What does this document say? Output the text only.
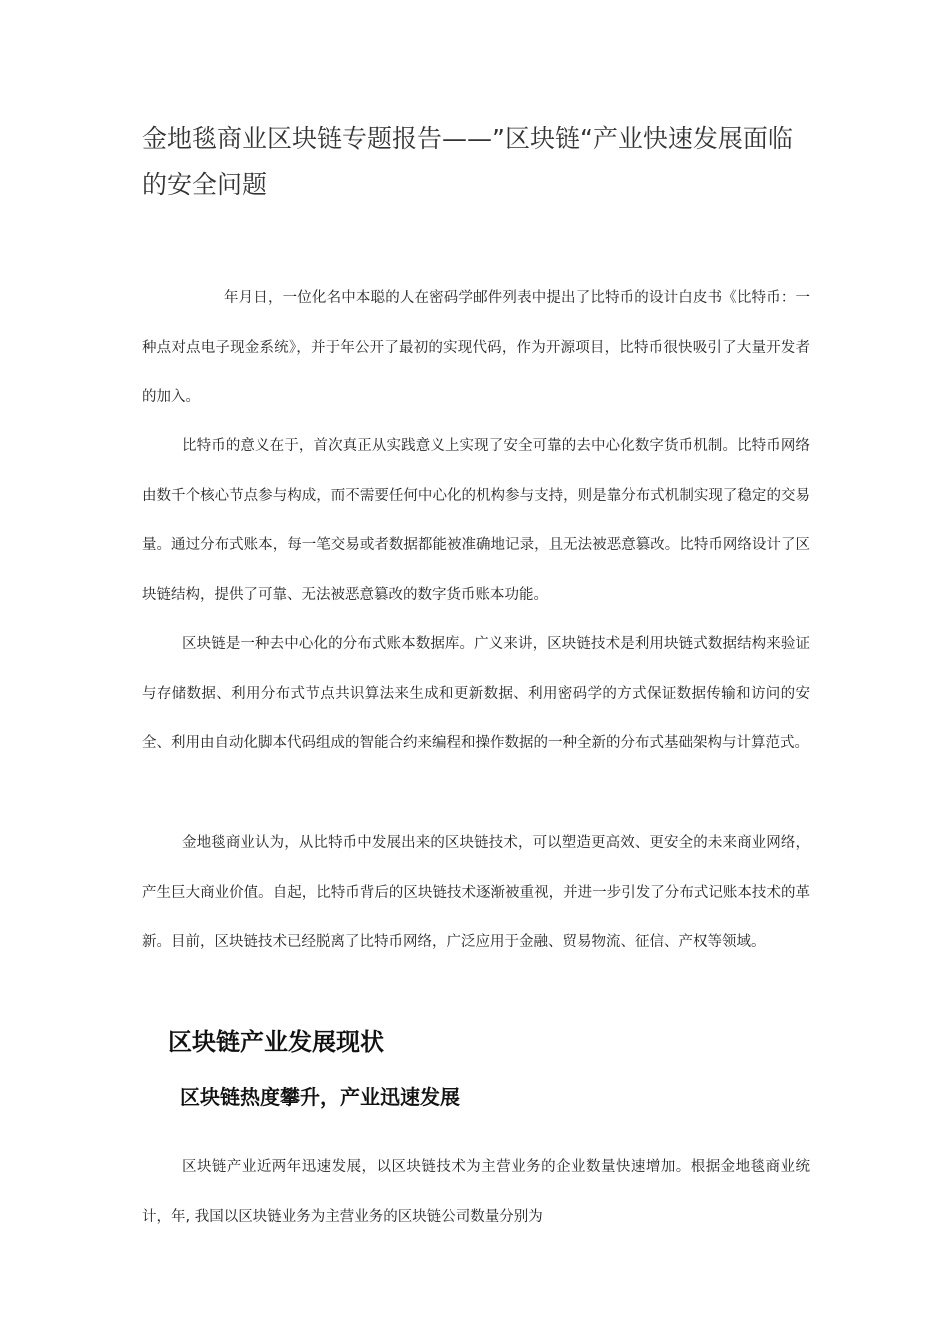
金地毯商业区块链专题报告——”区块链“产业快速发展面临的安全问题

年月日，一位化名中本聪的人在密码学邮件列表中提出了比特币的设计白皮书《比特币：一种点对点电子现金系统》，并于年公开了最初的实现代码，作为开源项目，比特币很快吸引了大量开发者的加入。

比特币的意义在于，首次真正从实践意义上实现了安全可靠的去中心化数字货币机制。比特币网络由数千个核心节点参与构成，而不需要任何中心化的机构参与支持，则是靠分布式机制实现了稳定的交易量。通过分布式账本，每一笔交易或者数据都能被准确地记录，且无法被恶意篡改。比特币网络设计了区块链结构，提供了可靠、无法被恶意篡改的数字货币账本功能。

区块链是一种去中心化的分布式账本数据库。广义来讲，区块链技术是利用块链式数据结构来验证与存储数据、利用分布式节点共识算法来生成和更新数据、利用密码学的方式保证数据传输和访问的安全、利用由自动化脚本代码组成的智能合约来编程和操作数据的一种全新的分布式基础架构与计算范式。

金地毯商业认为，从比特币中发展出来的区块链技术，可以塑造更高效、更安全的未来商业网络，产生巨大商业价值。自起，比特币背后的区块链技术逐渐被重视，并进一步引发了分布式记账本技术的革新。目前，区块链技术已经脱离了比特币网络，广泛应用于金融、贸易物流、征信、产权等领域。

区块链产业发展现状
区块链热度攀升，产业迅速发展

区块链产业近两年迅速发展，以区块链技术为主营业务的企业数量快速增加。根据金地毯商业统计，年, 我国以区块链业务为主营业务的区块链公司数量分别为
